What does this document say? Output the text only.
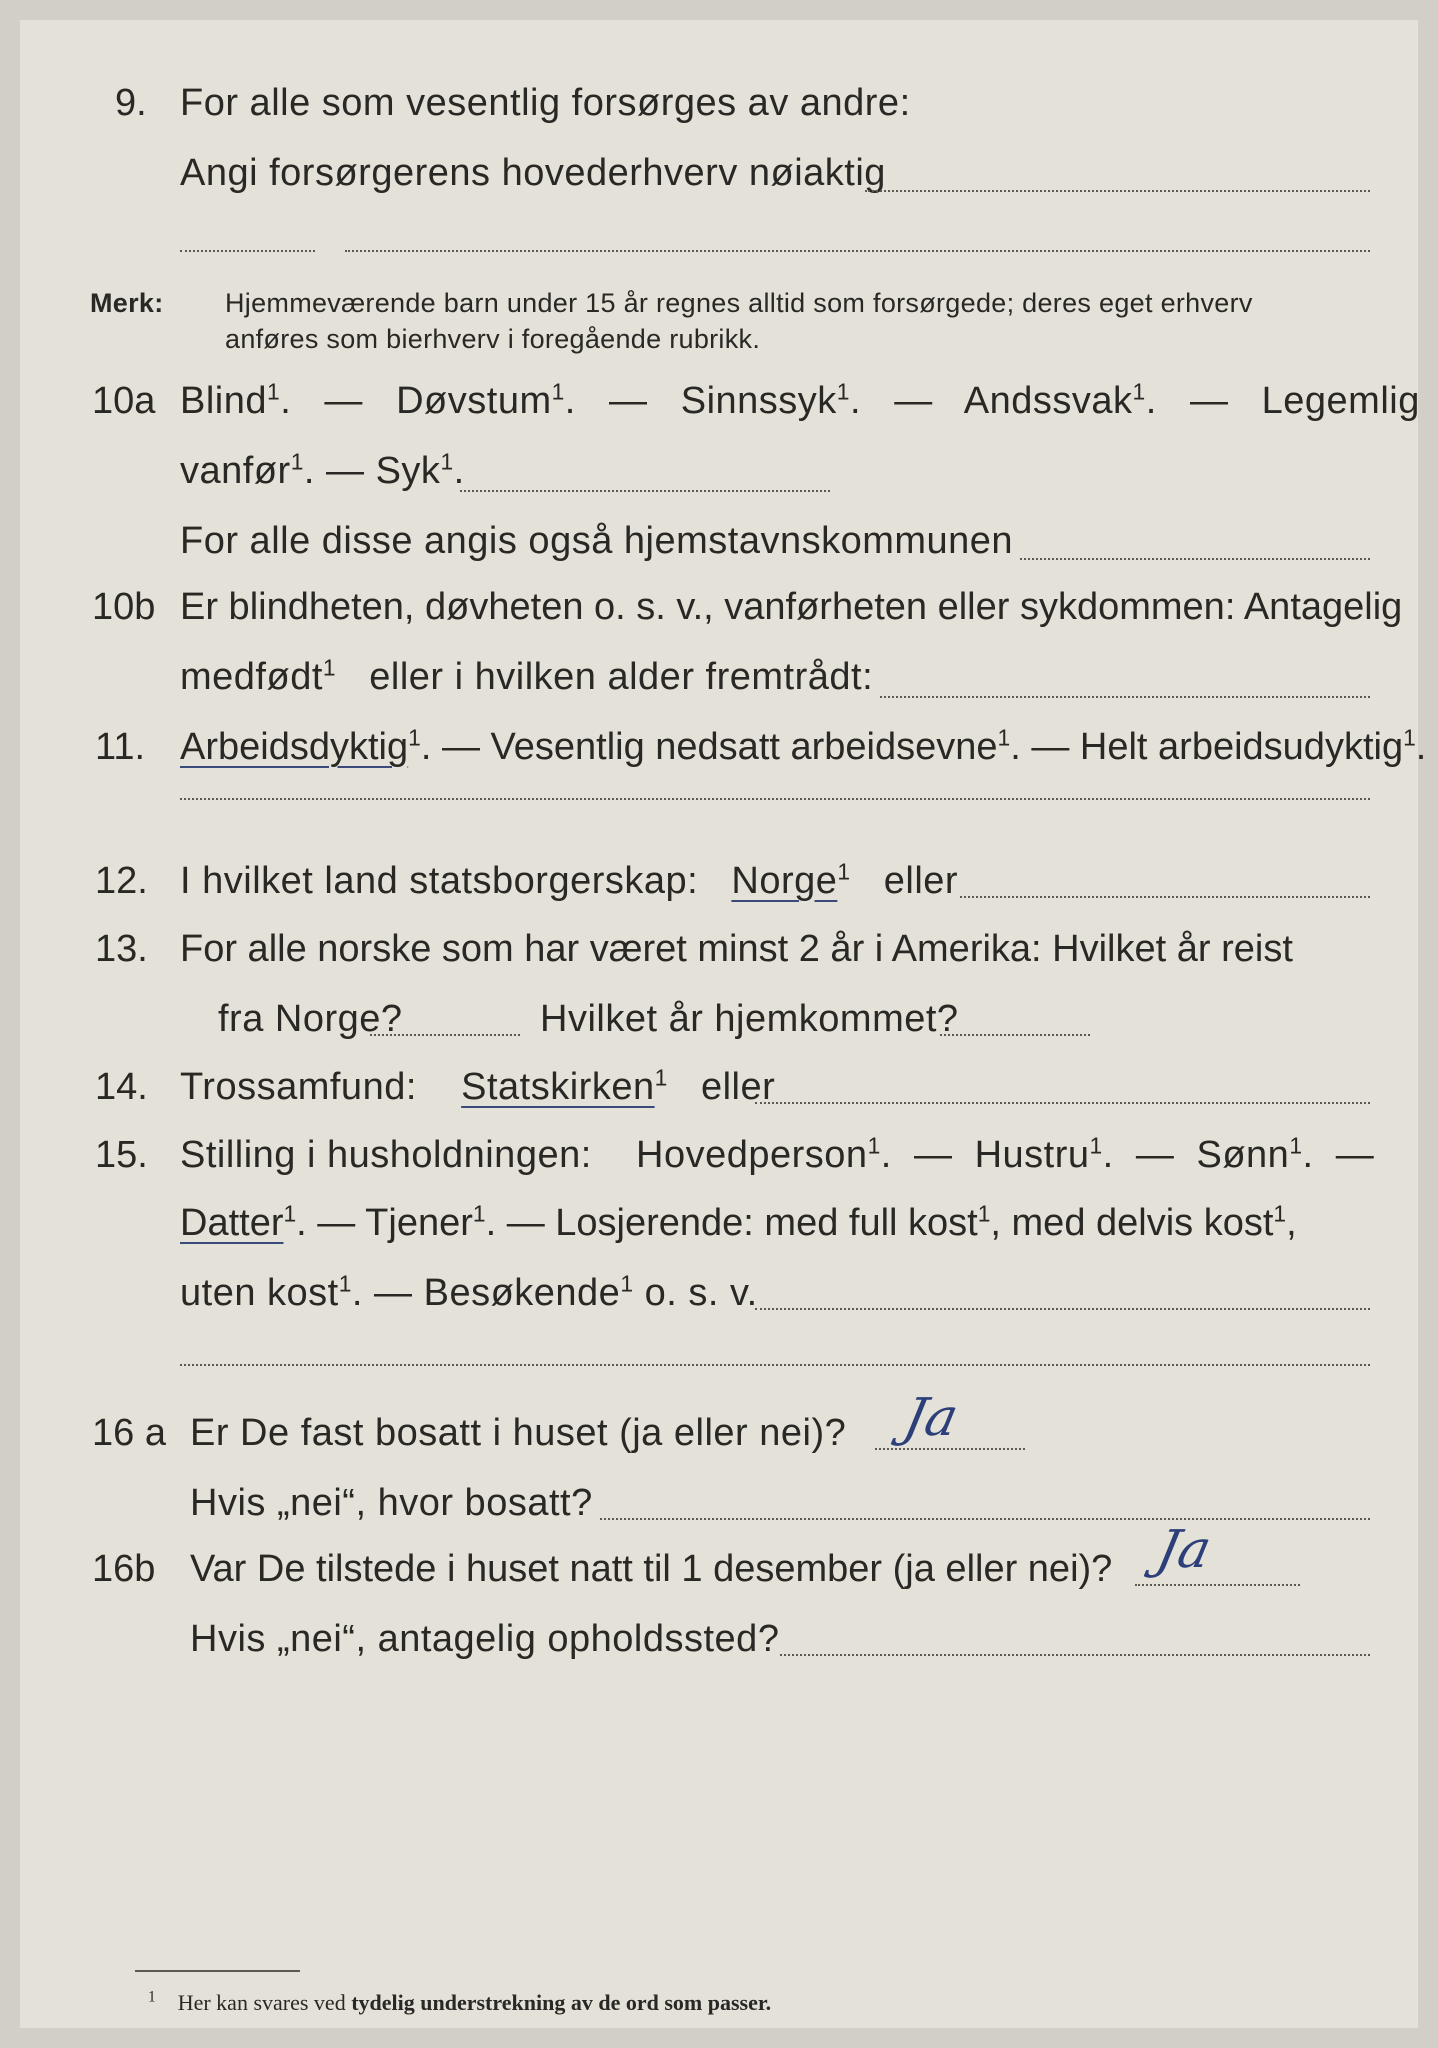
9. For alle som vesentlig forsørges av andre:
Angi forsørgerens hovederhverv nøiaktig
Merk: Hjemmeværende barn under 15 år regnes alltid som forsørgede; deres eget erhverv
anføres som bierhverv i foregående rubrikk.
10a Blind$^1$.   — Døvstum$^1$.   — Sinnssyk$^1$.   — Andssvak$^1$.   — Legemlig
vanfør$^1$. — Syk$^1$.
For alle disse angis også hjemstavnskommunen
10b Er blindheten, døvheten o. s. v., vanførheten eller sykdommen: Antagelig
medfødt$^1$ eller i hvilken alder fremtrådt:
11. Arbeidsdyktig$^1$. — Vesentlig nedsatt arbeidsevne$^1$. — Helt arbeidsudyktig$^1$.
12. I hvilket land statsborgerskap: Norge$^1$ eller
13. For alle norske som har været minst 2 år i Amerika: Hvilket år reist
fra Norge?	Hvilket år hjemkommet?
14. Trossamfund: Statskirken$^1$ eller
15. Stilling i husholdningen: Hovedperson$^1$.  — Hustru$^1$.  — Sønn$^1$.  —
Datter$^1$. — Tjener$^1$. — Losjerende: med full kost$^1$, med delvis kost$^1$,
uten kost$^1$. — Besøkende$^1$ o. s. v.
16 a Er De fast bosatt i huset (ja eller nei)? Ja
Hvis „nei“, hvor bosatt?
16b Var De tilstede i huset natt til 1 desember (ja eller nei)? Ja
Hvis „nei“, antagelig opholdssted?
$^1$ Her kan svares ved tydelig understrekning av de ord som passer.
